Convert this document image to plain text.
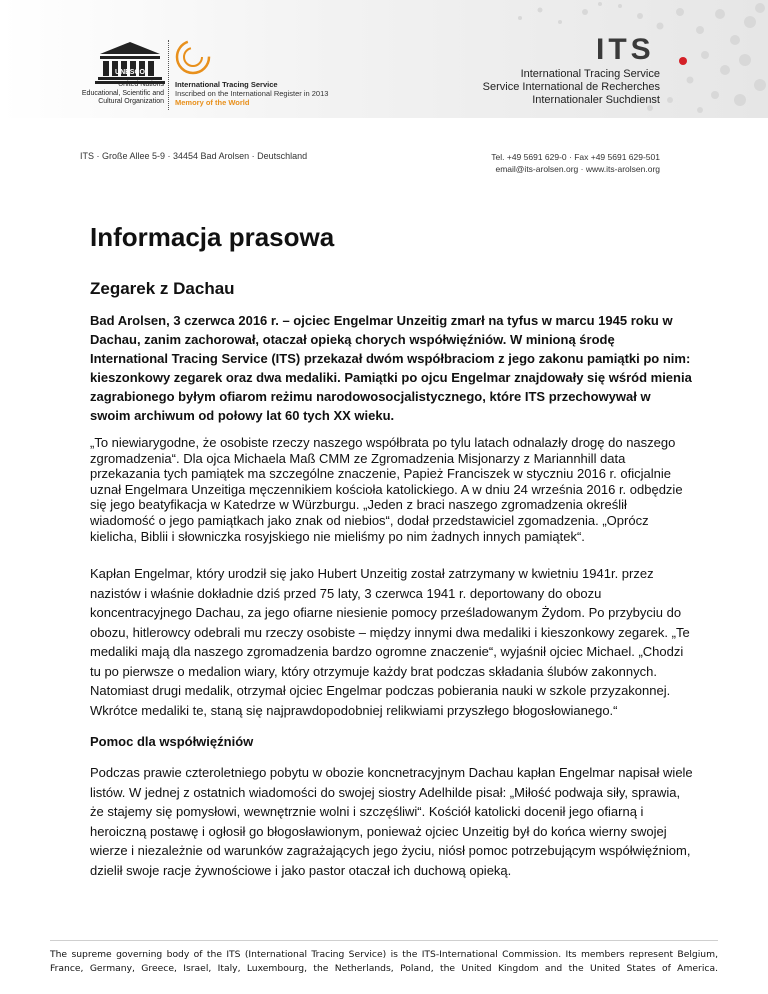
UNESCO
United Nations
Educational, Scientific and
Cultural Organization
International Tracing Service
Inscribed on the International Register in 2013
Memory of the World
ITS
International Tracing Service
Service International de Recherches
Internationaler Suchdienst
ITS · Große Allee 5-9 · 34454 Bad Arolsen · Deutschland	Tel. +49 5691 629-0 · Fax +49 5691 629-501
email@its-arolsen.org · www.its-arolsen.org
Informacja prasowa
Zegarek z Dachau

Bad Arolsen, 3 czerwca 2016 r. – ojciec Engelmar Unzeitig zmarł na tyfus w marcu 1945 roku w Dachau, zanim zachorował, otaczał opieką chorych współwięźniów. W minioną środę International Tracing Service (ITS) przekazał dwóm współbraciom z jego zakonu pamiątki po nim: kieszonkowy zegarek oraz dwa medaliki. Pamiątki po ojcu Engelmar znajdowały się wśród mienia zagrabionego byłym ofiarom reżimu narodowosocjalistycznego, które ITS przechowywał w swoim archiwum od połowy lat 60 tych XX wieku.

„To niewiarygodne, że osobiste rzeczy naszego współbrata po tylu latach odnalazły drogę do naszego zgromadzenia“. Dla ojca Michaela Maß CMM ze Zgromadzenia Misjonarzy z Mariannhill data przekazania tych pamiątek ma szczególne znaczenie, Papież Franciszek w styczniu 2016 r. oficjalnie uznał Engelmara Unzeitiga męczennikiem kościoła katolickiego. A w dniu 24 września 2016 r. odbędzie się jego beatyfikacja w Katedrze w Würzburgu. „Jeden z braci naszego zgromadzenia określił wiadomość o jego pamiątkach jako znak od niebios“, dodał przedstawiciel zgomadzenia. „Oprócz kielicha, Biblii i słowniczka rosyjskiego nie mieliśmy po nim żadnych innych pamiątek“.

Kapłan Engelmar, który urodził się jako Hubert Unzeitig został zatrzymany w kwietniu 1941r. przez nazistów i właśnie dokładnie dziś przed 75 laty, 3 czerwca 1941 r. deportowany do obozu koncentracyjnego Dachau, za jego ofiarne niesienie pomocy prześladowanym Żydom. Po przybyciu do obozu, hitlerowcy odebrali mu rzeczy osobiste – między innymi dwa medaliki i kieszonkowy zegarek. „Te medaliki mają dla naszego zgromadzenia bardzo ogromne znaczenie“, wyjaśnił ojciec Michael. „Chodzi tu po pierwsze o medalion wiary, który otrzymuje każdy brat podczas składania ślubów zakonnych. Natomiast drugi medalik, otrzymał ojciec Engelmar podczas pobierania nauki w szkole przyzakonnej. Wkrótce medaliki te, staną się najprawdopodobniej relikwiami przyszłego błogosłowianego.“

Pomoc dla współwięźniów

Podczas prawie czteroletniego pobytu w obozie koncnetracyjnym Dachau kapłan Engelmar napisał wiele listów. W jednej z ostatnich wiadomości do swojej siostry Adelhilde pisał: „Miłość podwaja siły, sprawia, że stajemy się pomysłowi, wewnętrznie wolni i szczęśliwi“. Kościół katolicki docenił jego ofiarną i heroiczną postawę i ogłosił go błogosławionym, ponieważ ojciec Unzeitig był do końca wierny swojej wierze i niezależnie od warunków zagrażających jego życiu, niósł pomoc potrzebującym współwięźniom, dzielił swoje racje żywnościowe i jako pastor otaczał ich duchową opieką.

The supreme governing body of the ITS (International Tracing Service) is the ITS-International Commission. Its members represent Belgium, France, Germany, Greece, Israel, Italy, Luxembourg, the Netherlands, Poland, the United Kingdom and the United States of America.
